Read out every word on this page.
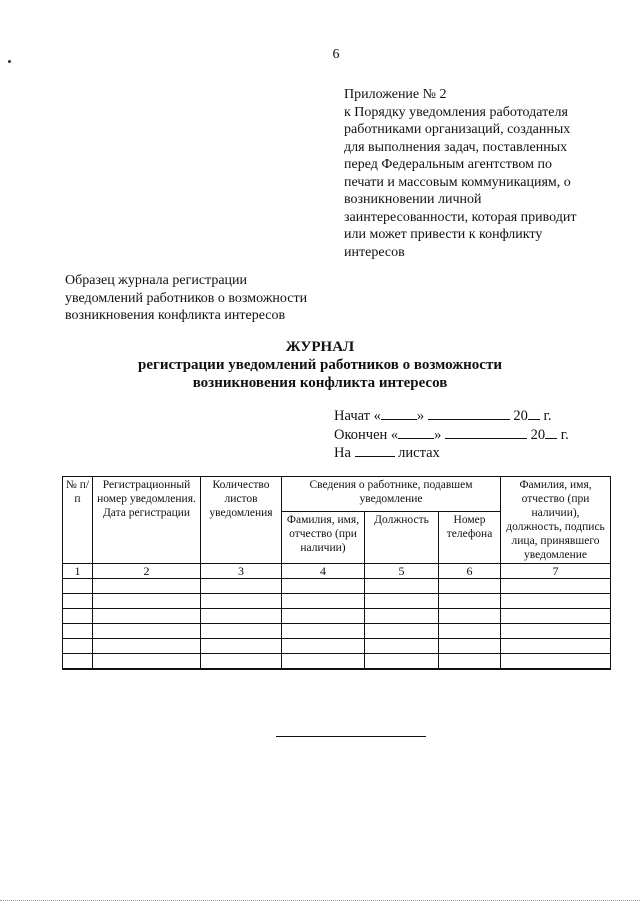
6
Приложение № 2
к Порядку уведомления работодателя
работниками организаций, созданных
для выполнения задач, поставленных
перед Федеральным агентством по
печати и массовым коммуникациям, о
возникновении личной
заинтересованности, которая приводит
или может привести к конфликту
интересов
Образец журнала регистрации
уведомлений работников о возможности
возникновения конфликта интересов
ЖУРНАЛ
регистрации уведомлений работников о возможности
возникновения конфликта интересов
Начат « »	20 г.
Окончен « »	20 г.
На	листах
№ п/п	Регистрационный номер уведомления. Дата регистрации	Количество листов уведомления	Сведения о работнике, подавшем уведомление			Фамилия, имя, отчество (при наличии), должность, подпись лица, принявшего уведомление
			Фамилия, имя, отчество (при наличии)	Должность	Номер телефона	
1	2	3	4	5	6	7
